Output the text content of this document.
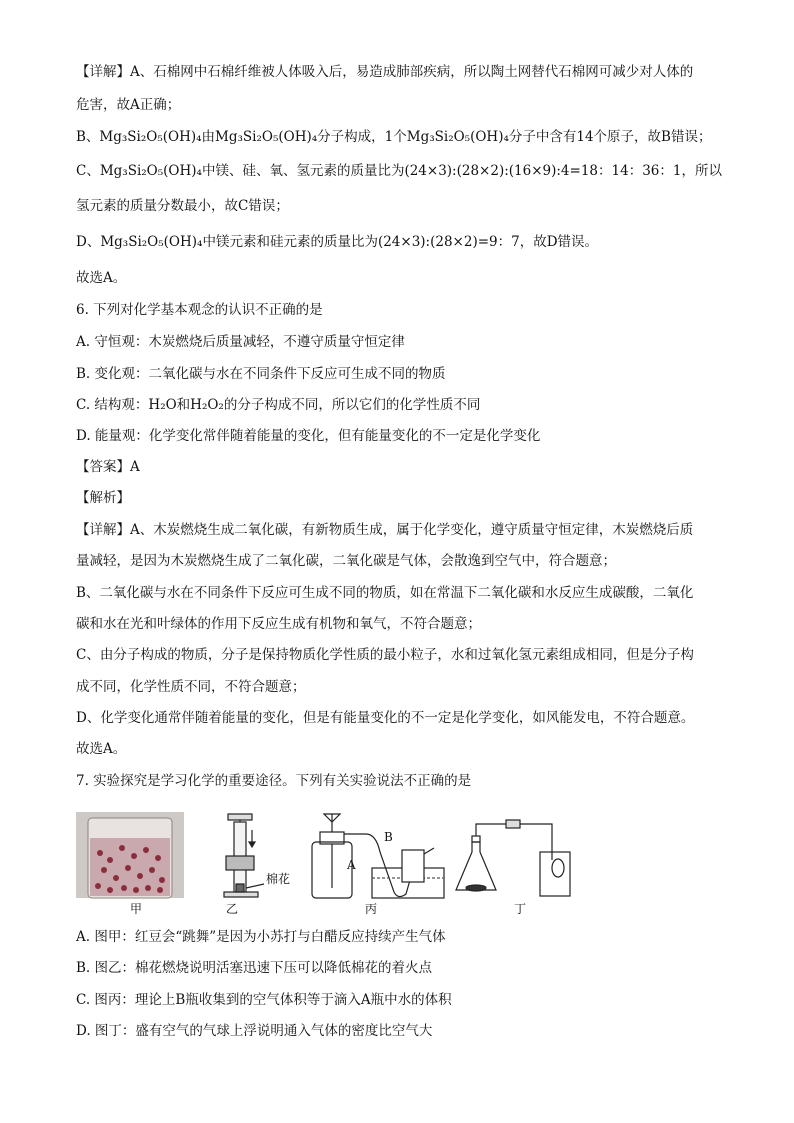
【详解】A、石棉网中石棉纤维被人体吸入后，易造成肺部疾病，所以陶土网替代石棉网可减少对人体的
危害，故A正确；
B、Mg₃Si₂O₅(OH)₄由Mg₃Si₂O₅(OH)₄分子构成，1个Mg₃Si₂O₅(OH)₄分子中含有14个原子，故B错误；
C、Mg₃Si₂O₅(OH)₄中镁、硅、氧、氢元素的质量比为(24×3):(28×2):(16×9):4=18：14：36：1，所以
氢元素的质量分数最小，故C错误；
D、Mg₃Si₂O₅(OH)₄中镁元素和硅元素的质量比为(24×3):(28×2)=9：7，故D错误。
故选A。
6. 下列对化学基本观念的认识不正确的是
A. 守恒观：木炭燃烧后质量减轻，不遵守质量守恒定律
B. 变化观：二氧化碳与水在不同条件下反应可生成不同的物质
C. 结构观：H₂O和H₂O₂的分子构成不同，所以它们的化学性质不同
D. 能量观：化学变化常伴随着能量的变化，但有能量变化的不一定是化学变化
【答案】A
【解析】
【详解】A、木炭燃烧生成二氧化碳，有新物质生成，属于化学变化，遵守质量守恒定律，木炭燃烧后质
量减轻，是因为木炭燃烧生成了二氧化碳，二氧化碳是气体，会散逸到空气中，符合题意；
B、二氧化碳与水在不同条件下反应可生成不同的物质，如在常温下二氧化碳和水反应生成碳酸，二氧化
碳和水在光和叶绿体的作用下反应生成有机物和氧气，不符合题意；
C、由分子构成的物质，分子是保持物质化学性质的最小粒子，水和过氧化氢元素组成相同，但是分子构
成不同，化学性质不同，不符合题意；
D、化学变化通常伴随着能量的变化，但是有能量变化的不一定是化学变化，如风能发电，不符合题意。
故选A。
7. 实验探究是学习化学的重要途径。下列有关实验说法不正确的是
甲	乙	丙	丁
棉花
A
B
A. 图甲：红豆会“跳舞”是因为小苏打与白醋反应持续产生气体
B. 图乙：棉花燃烧说明活塞迅速下压可以降低棉花的着火点
C. 图丙：理论上B瓶收集到的空气体积等于滴入A瓶中水的体积
D. 图丁：盛有空气的气球上浮说明通入气体的密度比空气大
